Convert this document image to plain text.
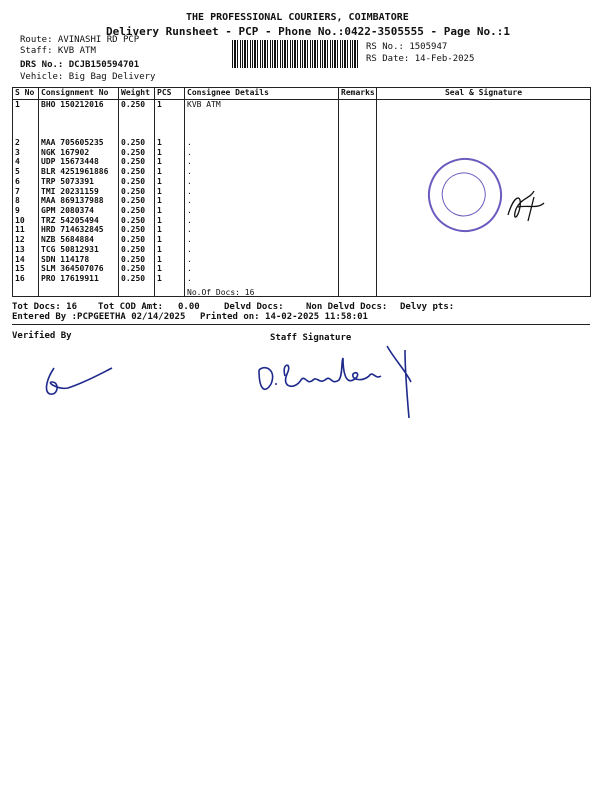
THE PROFESSIONAL COURIERS, COIMBATORE
Delivery Runsheet - PCP - Phone No.:0422-3505555 - Page No.:1
Route: AVINASHI RD PCP
Staff: KVB ATM
DRS No.: DCJB150594701
Vehicle: Big Bag Delivery
RS No.: 1505947
RS Date: 14-Feb-2025
S No	Consignment No	Weight	PCS	Consignee Details	Remarks	Seal & Signature
1	BHO 150212016	0.250	1	KVB ATM		

2	MAA 705605235	0.250	1	.		
3	NGK 167902	0.250	1	.		
4	UDP 15673448	0.250	1	.		
5	BLR 4251961886	0.250	1	.		
6	TRP 5073391	0.250	1	.		
7	TMI 20231159	0.250	1	.		
8	MAA 869137988	0.250	1	.		
9	GPM 2080374	0.250	1	.		
10	TRZ 54205494	0.250	1	.		
11	HRD 714632845	0.250	1	.		
12	NZB 5684884	0.250	1	.		
13	TCG 50812931	0.250	1	.		
14	SDN 114178	0.250	1	.		
15	SLM 364507076	0.250	1	.		
16	PRO 17619911	0.250	1	.		

No.Of Docs: 16
Tot Docs: 16 Tot COD Amt: 0.00	Delvd Docs: Non Delvd Docs: Delvy pts:
Entered By :PCPGEETHA 02/14/2025 Printed on: 14-02-2025 11:58:01
Verified By	Staff Signature
